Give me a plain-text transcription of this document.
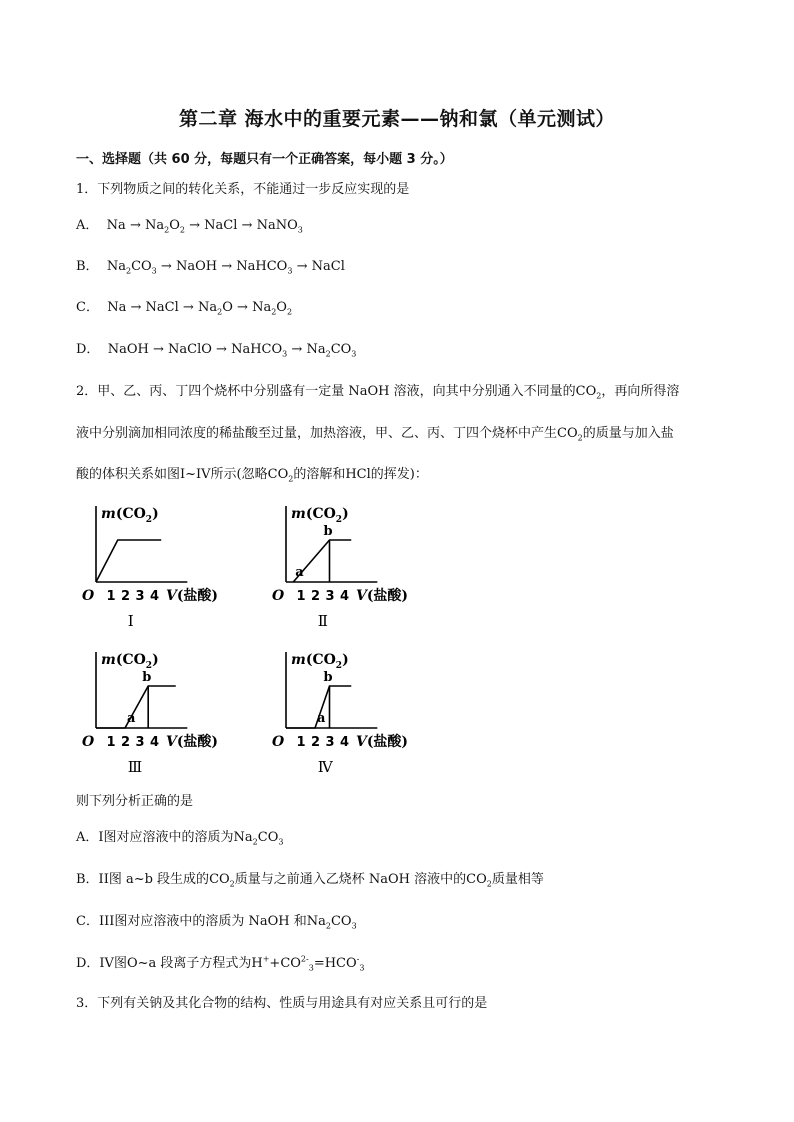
第二章 海水中的重要元素——钠和氯（单元测试）
一、选择题（共 60 分，每题只有一个正确答案，每小题 3 分。）
1．下列物质之间的转化关系，不能通过一步反应实现的是
A． $Na \to Na_2O_2$ → NaCl → NaNO$_3$
B． $Na_2CO_3$ → NaOH → NaHCO$_3$ → NaCl
C． Na → NaCl → $Na_2O \to Na_2O_2$
D． NaOH → NaClO → NaHCO$_3$ → $Na_2CO_3$
2．甲、乙、丙、丁四个烧杯中分别盛有一定量 NaOH 溶液，向其中分别通入不同量的$CO_2$，再向所得溶
液中分别滴加相同浓度的稀盐酸至过量，加热溶液，甲、乙、丙、丁四个烧杯中产生$CO_2$的质量与加入盐
酸的体积关系如图I~IV所示(忽略$CO_2$的溶解和HCl的挥发)：
$m(CO_2)$
O 1 2 3 4 V(盐酸)
Ⅰ
$m(CO_2)$
O 1 2 3 4 V(盐酸)
b
a
Ⅱ
$m(CO_2)$
O 1 2 3 4 V(盐酸)
b
a
Ⅲ
$m(CO_2)$
O 1 2 3 4 V(盐酸)
b
a
Ⅳ
则下列分析正确的是
A．I图对应溶液中的溶质为$Na_2CO_3$
B．II图 a~b 段生成的$CO_2$质量与之前通入乙烧杯 NaOH 溶液中的$CO_2$质量相等
C．III图对应溶液中的溶质为 NaOH 和$Na_2CO_3$
D．IV图O~a 段离子方程式为$H^++CO^{2-}_3=HCO^-_3$
3．下列有关钠及其化合物的结构、性质与用途具有对应关系且可行的是
